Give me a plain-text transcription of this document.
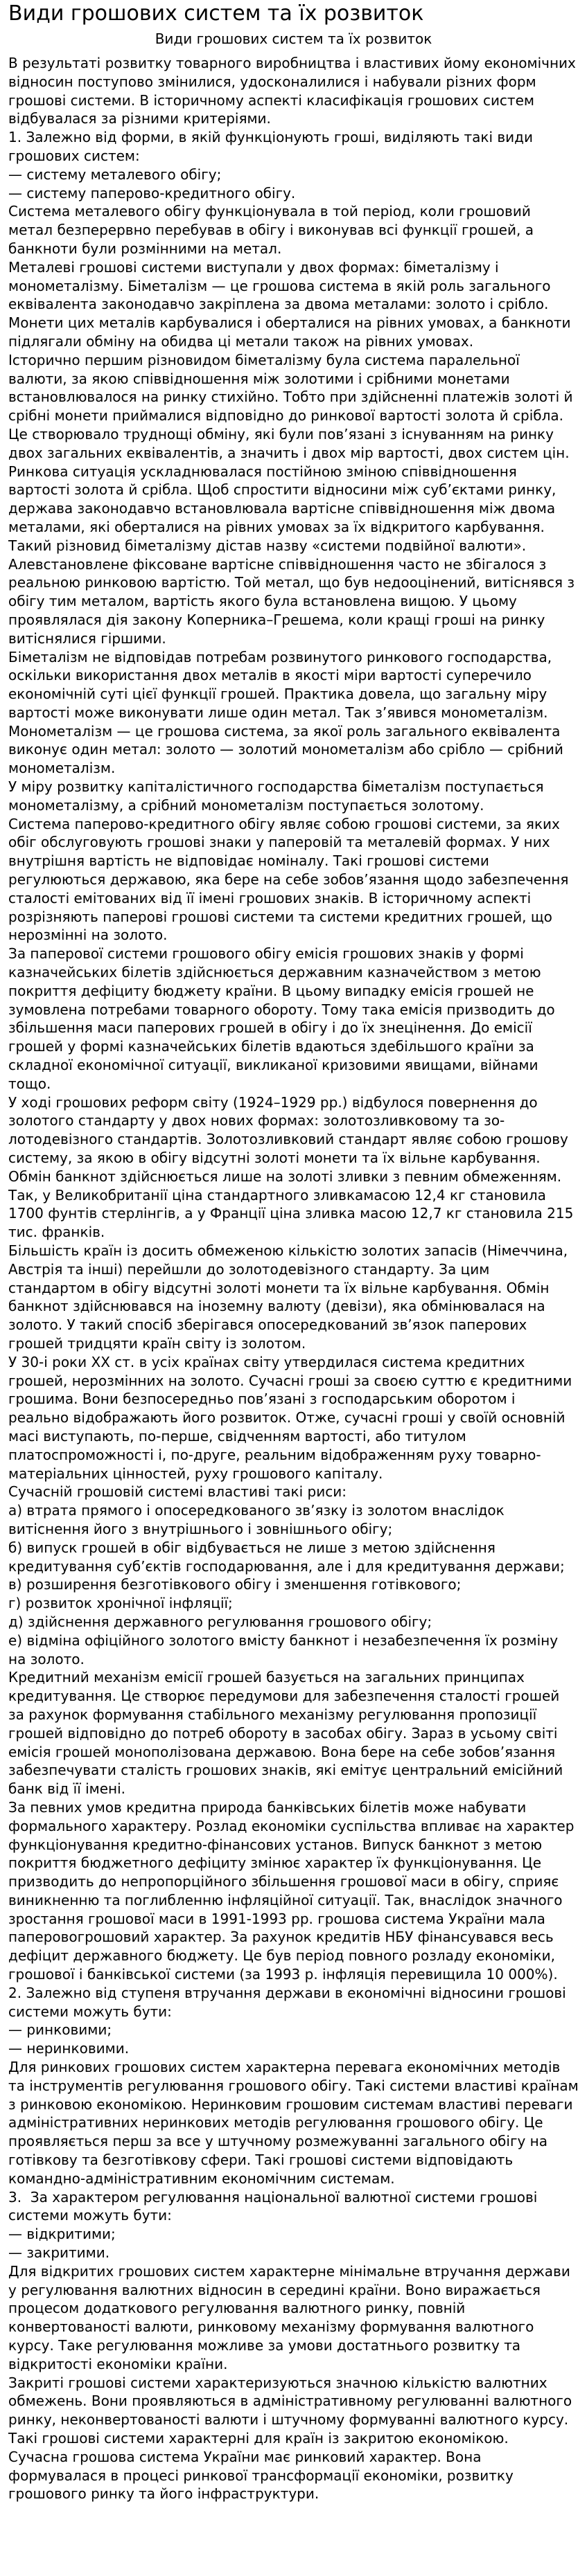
Види грошових систем та їх розвиток
Види грошових систем та їх розвиток

В результаті розвитку товарного виробництва і властивих йому економічних відносин поступово змінилися, удосконалилися і набували різних форм грошові системи. В історичному аспекті класифікація грошових систем відбувалася за різними критеріями.

1. Залежно від форми, в якій функціонують гроші, виділяють такі види грошових систем:

— систему металевого обігу;

— систему паперово-кредитного обігу.

Система металевого обігу функціонувала в той період, коли грошовий метал безперервно перебував в обігу і виконував всі функції грошей, а банкноти були розмінними на метал.

Металеві грошові системи виступали у двох формах: біметалізму і монометалізму. Біметалізм — це грошова система в якій роль загального еквівалента законодавчо закріплена за двома металами: золото і срібло. Монети цих металів карбувалися і оберталися на рівних умовах, а банкноти підлягали обміну на обидва ці метали також на рівних умовах.

Історично першим різновидом біметалізму була система паралельної валюти, за якою співвідношення між золотими і срібними монетами встановлювалося на ринку стихійно. Тобто при здійсненні платежів золоті й срібні монети приймалися відповідно до ринкової вартості золота й срібла. Це створювало труднощі обміну, які були пов’язані з існуванням на ринку двох загальних еквівалентів, а значить і двох мір вартості, двох систем цін. Ринкова ситуація ускладнювалася постійною зміною співвідношення вартості золота й срібла. Щоб спростити відносини між суб’єктами ринку, держава законодавчо встановлювала вартісне співвідношення між двома металами, які оберталися на рівних умовах за їх відкритого карбування. Такий різновид біметалізму дістав назву «системи подвійної валюти». Алевстановлене фіксоване вартісне співвідношення часто не збігалося з реальною ринковою вартістю. Той метал, що був недооцінений, витіснявся з обігу тим металом, вартість якого була встановлена вищою. У цьому проявлялася дія закону Коперника–Грешема, коли кращі гроші на ринку витіснялися гіршими.

Біметалізм не відповідав потребам розвинутого ринкового господарства, оскільки використання двох металів в якості міри вартості суперечило економічній суті цієї функції грошей. Практика довела, що загальну міру вартості може виконувати лише один метал. Так з’явився монометалізм.

Монометалізм — це грошова система, за якої роль загального еквівалента виконує один метал: золото — золотий монометалізм або срібло — срібний монометалізм.

У міру розвитку капіталістичного господарства біметалізм поступається монометалізму, а срібний монометалізм поступається золотому.

Система паперово-кредитного обігу являє собою грошові системи, за яких обіг обслуговують грошові знаки у паперовій та металевій формах. У них внутрішня вартість не відповідає номіналу. Такі грошові системи регулюються державою, яка бере на себе зобов’язання щодо забезпечення сталості емітованих від її імені грошових знаків. В історичному аспекті розрізняють паперові грошові системи та системи кредитних грошей, що нерозмінні на золото.

За паперової системи грошового обігу емісія грошових знаків у формі казначейських білетів здійснюється державним казначейством з метою покриття дефіциту бюджету країни. В цьому випадку емісія грошей не зумовлена потребами товарного обороту. Тому така емісія призводить до збільшення маси паперових грошей в обігу і до їх знецінення. До емісії грошей у формі казначейських білетів вдаються здебільшого країни за складної економічної ситуації, викликаної кризовими явищами, війнами тощо.

У ході грошових реформ світу (1924–1929 рр.) відбулося повернення до золотого стандарту у двох нових формах: золотозливковому та зо-лотодевізного стандартів. Золотозливковий стандарт являє собою грошову систему, за якою в обігу відсутні золоті монети та їх вільне карбування. Обмін банкнот здійснюється лише на золоті зливки з певним обмеженням. Так, у Великобританії ціна стандартного зливкамасою 12,4 кг становила 1700 фунтів стерлінгів, а у Франції ціна зливка масою 12,7 кг становила 215 тис. франків.

Більшість країн із досить обмеженою кількістю золотих запасів (Німеччина, Австрія та інші) перейшли до золотодевізного стандарту. За цим стандартом в обігу відсутні золоті монети та їх вільне карбування. Обмін банкнот здійснювався на іноземну валюту (девізи), яка обмінювалася на золото. У такий спосіб зберігався опосередкований зв’язок паперових грошей тридцяти країн світу із золотом.

У 30-і роки XX ст. в усіх країнах світу утвердилася система кредитних грошей, нерозмінних на золото. Сучасні гроші за своєю суттю є кредитними грошима. Вони безпосередньо пов’язані з господарським оборотом і реально відображають його розвиток. Отже, сучасні гроші у своїй основній масі виступають, по-перше, свідченням вартості, або титулом платоспроможності і, по-друге, реальним відображенням руху товарно-матеріальних цінностей, руху грошового капіталу.

Сучасній грошовій системі властиві такі риси:

а) втрата прямого і опосередкованого зв’язку із золотом внаслідок витіснення його з внутрішнього і зовнішнього обігу;

б) випуск грошей в обіг відбувається не лише з метою здійснення кредитування суб’єктів господарювання, але і для кредитування держави;

в) розширення безготівкового обігу і зменшення готівкового;

г) розвиток хронічної інфляції;

д) здійснення державного регулювання грошового обігу;

е) відміна офіційного золотого вмісту банкнот і незабезпечення їх розміну на золото.

Кредитний механізм емісії грошей базується на загальних принципах кредитування. Це створює передумови для забезпечення сталості грошей за рахунок формування стабільного механізму регулювання пропозиції грошей відповідно до потреб обороту в засобах обігу. Зараз в усьому світі емісія грошей монополізована державою. Вона бере на себе зобов’язання забезпечувати сталість грошових знаків, які емітує центральний емісійний банк від її імені.

За певних умов кредитна природа банківських білетів може набувати формального характеру. Розлад економіки суспільства впливає на характер функціонування кредитно-фінансових установ. Випуск банкнот з метою покриття бюджетного дефіциту змінює характер їх функціонування. Це призводить до непропорційного збільшення грошової маси в обігу, сприяє виникненню та поглибленню інфляційної ситуації. Так, внаслідок значного зростання грошової маси в 1991-1993 рр. грошова система України мала паперовогрошовий характер. За рахунок кредитів НБУ фінансувався весь дефіцит державного бюджету. Це був період повного розладу економіки, грошової і банківської системи (за 1993 р. інфляція перевищила 10 000%).

2. Залежно від ступеня втручання держави в економічні відносини грошові системи можуть бути:

— ринковими;

— неринковими.

Для ринкових грошових систем характерна перевага економічних методів та інструментів регулювання грошового обігу. Такі системи властиві країнам з ринковою економікою. Неринковим грошовим системам властиві переваги адміністративних неринкових методів регулювання грошового обігу. Це проявляється перш за все у штучному розмежуванні загального обігу на готівкову та безготівкову сфери. Такі грошові системи відповідають командно-адміністративним економічним системам.

3.  За характером регулювання національної валютної системи грошові системи можуть бути:

— відкритими;

— закритими.

Для відкритих грошових систем характерне мінімальне втручання держави у регулювання валютних відносин в середині країни. Воно виражається процесом додаткового регулювання валютного ринку, повній конвертованості валюти, ринковому механізму формування валютного курсу. Таке регулювання можливе за умови достатнього розвитку та відкритості економіки країни.

Закриті грошові системи характеризуються значною кількістю валютних обмежень. Вони проявляються в адміністративному регулюванні валютного ринку, неконвертованості валюти і штучному формуванні валютного курсу. Такі грошові системи характерні для країн із закритою економікою.

Сучасна грошова система України має ринковий характер. Вона формувалася в процесі ринкової трансформації економіки, розвитку грошового ринку та його інфраструктури.
